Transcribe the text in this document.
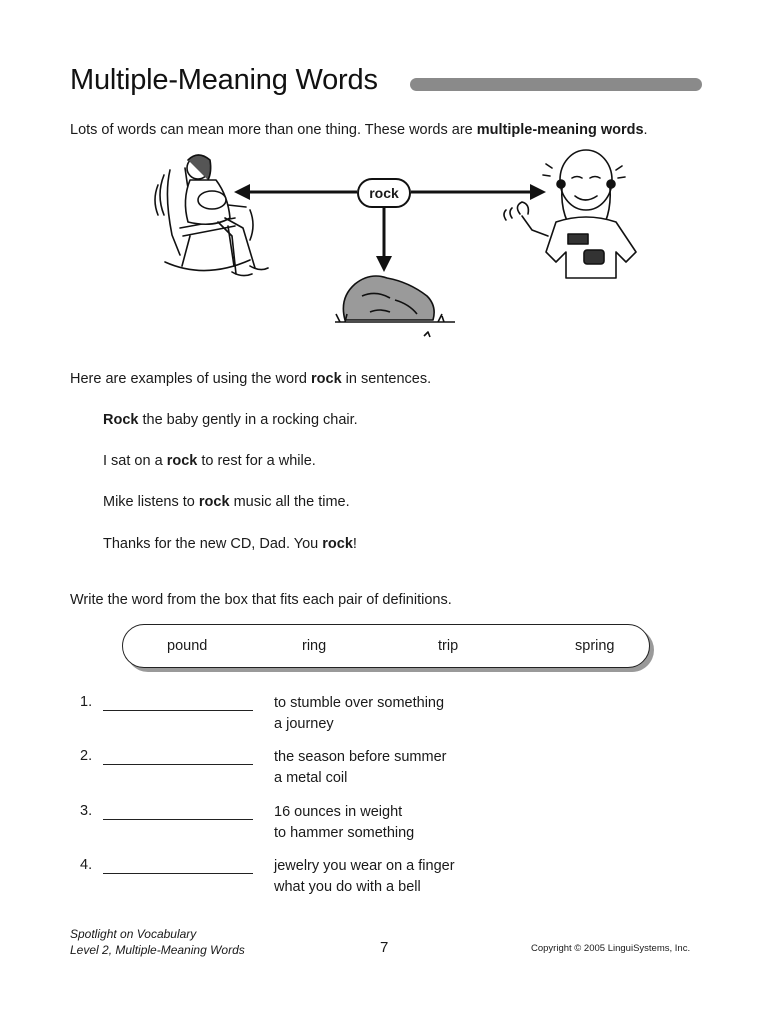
Multiple-Meaning Words
Lots of words can mean more than one thing. These words are multiple-meaning words.
rock
Here are examples of using the word rock in sentences.
Rock the baby gently in a rocking chair.
I sat on a rock to rest for a while.
Mike listens to rock music all the time.
Thanks for the new CD, Dad. You rock!
Write the word from the box that fits each pair of definitions.
pound	ring	trip	spring
1.	to stumble over something
a journey
2.	the season before summer
a metal coil
3.	16 ounces in weight
to hammer something
4.	jewelry you wear on a finger
what you do with a bell
Spotlight on Vocabulary
Level 2, Multiple-Meaning Words	7	Copyright © 2005 LinguiSystems, Inc.
